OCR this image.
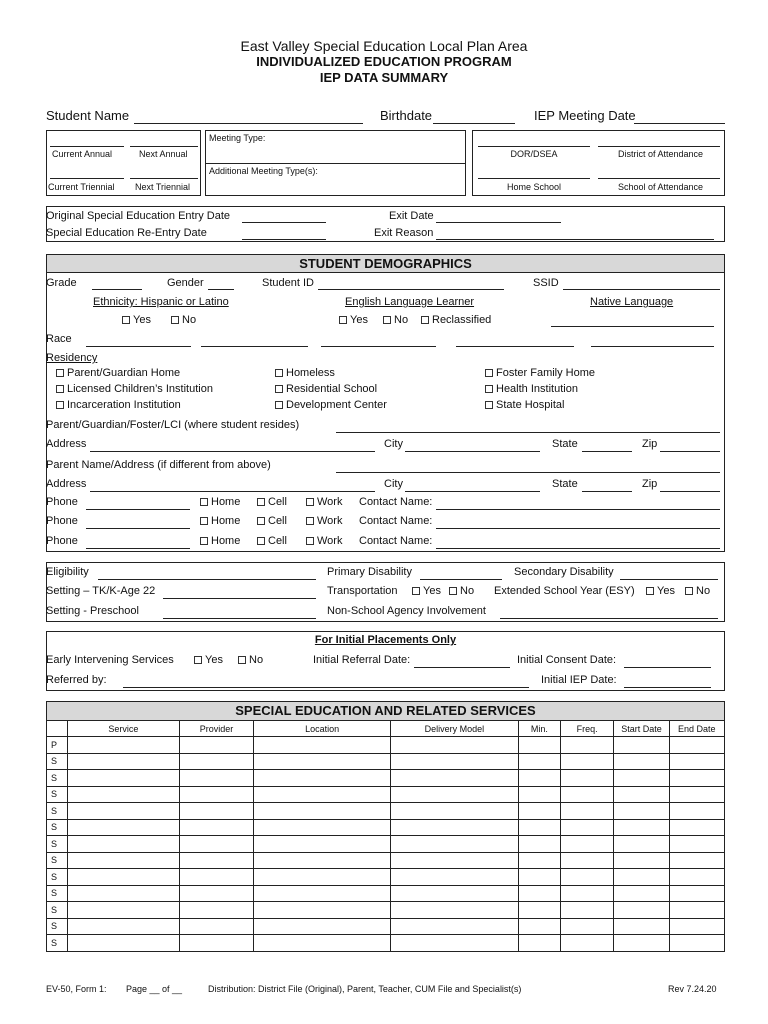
East Valley Special Education Local Plan Area
INDIVIDUALIZED EDUCATION PROGRAM
IEP DATA SUMMARY
Student Name	Birthdate	IEP Meeting Date
Current Annual	Next Annual
Current Triennial Next Triennial
Meeting Type:
Additional Meeting Type(s):
DOR/DSEA	District of Attendance
Home School	School of Attendance
Original Special Education Entry Date	Exit Date
Special Education Re-Entry Date	Exit Reason
STUDENT DEMOGRAPHICS
Grade	Gender	Student ID	SSID
Ethnicity: Hispanic or Latino	English Language Learner	Native Language
Yes	No	Yes	No	Reclassified
Race
Residency
Parent/Guardian Home
Licensed Children’s Institution
Incarceration Institution
Homeless
Residential School
Development Center
Foster Family Home
Health Institution
State Hospital
Parent/Guardian/Foster/LCI (where student resides)
Address	City	State	Zip
Parent Name/Address (if different from above)
Address	City	State	Zip
Phone	Home	Cell	Work Contact Name:
Phone	Home	Cell	Work Contact Name:
Phone	Home	Cell	Work Contact Name:
Eligibility	Primary Disability	Secondary Disability
Setting – TK/K-Age 22	Transportation	Yes	No Extended School Year (ESY)	Yes	No
Setting - Preschool	Non-School Agency Involvement
For Initial Placements Only
Early Intervening Services	Yes	No	Initial Referral Date:	Initial Consent Date:
Referred by:	Initial IEP Date:
SPECIAL EDUCATION AND RELATED SERVICES
	Service	Provider	Location	Delivery Model	Min.	Freq.	Start Date	End Date
P								
S								
S								
S								
S								
S								
S								
S								
S								
S								
S								
S								
S								
EV-50, Form 1: Page __ of __	Distribution: District File (Original), Parent, Teacher, CUM File and Specialist(s)	Rev 7.24.20
